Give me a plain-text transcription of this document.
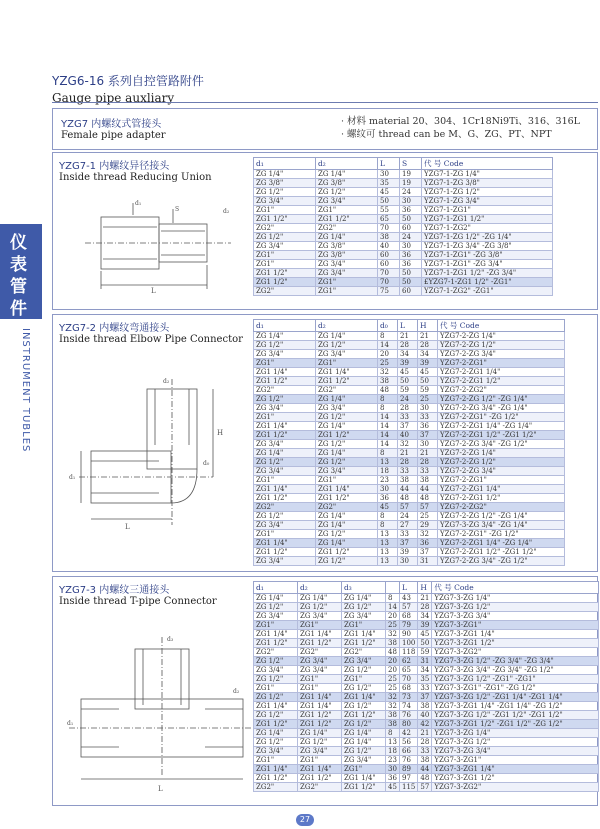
YZG6-16 系列自控管路附件
Gauge pipe auxliary
仪
表
管
件
INSTRUMENT TUBLES
YZG7 内螺纹式管接头
Female pipe adapter
· 材料 material 20、304、1Cr18Ni9Ti、316、316L
· 螺纹可 thread can be M、G、ZG、PT、NPT
YZG7-1 内螺纹异径接头
Inside thread Reducing Union
L
d₁
S	d₂
d₁	d₂	L	S	代 号 Code
ZG 1/4"	ZG 1/4"	30	19	YZG7-1-ZG 1/4"
ZG 3/8"	ZG 3/8"	35	19	YZG7-1-ZG 3/8"
ZG 1/2"	ZG 1/2"	45	24	YZG7-1-ZG 1/2"
ZG 3/4"	ZG 3/4"	50	30	YZG7-1-ZG 3/4"
ZG1"	ZG1"	55	36	YZG7-1-ZG1"
ZG1 1/2"	ZG1 1/2"	65	50	YZG7-1-ZG1 1/2"
ZG2"	ZG2"	70	60	YZG7-1-ZG2"
ZG 1/2"	ZG 1/4"	38	24	YZG7-1-ZG 1/2" -ZG 1/4"
ZG 3/4"	ZG 3/8"	40	30	YZG7-1-ZG 3/4" -ZG 3/8"
ZG1"	ZG 3/8"	60	36	YZG7-1-ZG1" -ZG 3/8"
ZG1"	ZG 3/4"	60	36	YZG7-1-ZG1" -ZG 3/4"
ZG1 1/2"	ZG 3/4"	70	50	YZG7-1-ZG1 1/2" -ZG 3/4"
ZG1 1/2"	ZG1"	70	50	£YZG7-1-ZG1 1/2" -ZG1"
ZG2"	ZG1"	75	60	YZG7-1-ZG2" -ZG1"
YZG7-2 内螺纹弯通接头
Inside thread Elbow Pipe Connector
L
H
d₁
d₂
d₀
d₁	d₂	d₀	L	H	代 号 Code
ZG 1/4"	ZG 1/4"	8	21	21	YZG7-2-ZG 1/4"
ZG 1/2"	ZG 1/2"	14	28	28	YZG7-2-ZG 1/2"
ZG 3/4"	ZG 3/4"	20	34	34	YZG7-2-ZG 3/4"
ZG1"	ZG1"	25	39	39	YZG7-2-ZG1"
ZG1 1/4"	ZG1 1/4"	32	45	45	YZG7-2-ZG1 1/4"
ZG1 1/2"	ZG1 1/2"	38	50	50	YZG7-2-ZG1 1/2"
ZG2"	ZG2"	48	59	59	YZG7-2-ZG2"
ZG 1/2"	ZG 1/4"	8	24	25	YZG7-2-ZG 1/2" -ZG 1/4"
ZG 3/4"	ZG 3/4"	8	28	30	YZG7-2-ZG 3/4" -ZG 1/4"
ZG1"	ZG 1/2"	14	33	33	YZG7-2-ZG1" -ZG 1/2"
ZG1 1/4"	ZG 1/4"	14	37	36	YZG7-2-ZG1 1/4" -ZG 1/4"
ZG1 1/2"	ZG1 1/2"	14	40	37	YZG7-2-ZG1 1/2" -ZG1 1/2"
ZG 3/4"	ZG 1/2"	14	32	30	YZG7-2-ZG 3/4" -ZG 1/2"
ZG 1/4"	ZG 1/4"	8	21	21	YZG7-2-ZG 1/4"
ZG 1/2"	ZG 1/2"	13	28	28	YZG7-2-ZG 1/2"
ZG 3/4"	ZG 3/4"	18	33	33	YZG7-2-ZG 3/4"
ZG1"	ZG1"	23	38	38	YZG7-2-ZG1"
ZG1 1/4"	ZG1 1/4"	30	44	44	YZG7-2-ZG1 1/4"
ZG1 1/2"	ZG1 1/2"	36	48	48	YZG7-2-ZG1 1/2"
ZG2"	ZG2"	45	57	57	YZG7-2-ZG2"
ZG 1/2"	ZG 1/4"	8	24	25	YZG7-2-ZG 1/2" -ZG 1/4"
ZG 3/4"	ZG 1/4"	8	27	29	YZG7-3-ZG 3/4" -ZG 1/4"
ZG1"	ZG 1/2"	13	33	32	YZG7-2-ZG1" -ZG 1/2"
ZG1 1/4"	ZG 1/4"	13	37	36	YZG7-2-ZG1 1/4" -ZG 1/4"
ZG1 1/2"	ZG1 1/2"	13	39	37	YZG7-2-ZG1 1/2" -ZG1 1/2"
ZG 3/4"	ZG 1/2"	13	30	31	YZG7-2-ZG 3/4" -ZG 1/2"
YZG7-3 内螺纹三通接头
Inside thread T-pipe Connector
L
d₁
d₃
d₂
d₁	d₂	d₃		L	H	代 号 Code
ZG 1/4"	ZG 1/4"	ZG 1/4"	8	43	21	YZG7-3-ZG 1/4"
ZG 1/2"	ZG 1/2"	ZG 1/2"	14	57	28	YZG7-3-ZG 1/2"
ZG 3/4"	ZG 3/4"	ZG 3/4"	20	68	34	YZG7-3-ZG 3/4"
ZG1"	ZG1"	ZG1"	25	79	39	YZG7-3-ZG1"
ZG1 1/4"	ZG1 1/4"	ZG1 1/4"	32	90	45	YZG7-3-ZG1 1/4"
ZG1 1/2"	ZG1 1/2"	ZG1 1/2"	38	100	50	YZG7-3-ZG1 1/2"
ZG2"	ZG2"	ZG2"	48	118	59	YZG7-3-ZG2"
ZG 1/2"	ZG 3/4"	ZG 3/4"	20	62	31	YZG7-3-ZG 1/2" -ZG 3/4" -ZG 3/4"
ZG 3/4"	ZG 3/4"	ZG 1/2"	20	65	34	YZG7-3-ZG 3/4" -ZG 3/4" -ZG 1/2"
ZG 1/2"	ZG1"	ZG1"	25	70	35	YZG7-3-ZG 1/2" -ZG1" -ZG1"
ZG1"	ZG1"	ZG 1/2"	25	68	33	YZG7-3-ZG1" -ZG1" -ZG 1/2"
ZG 1/2"	ZG1 1/4"	ZG1 1/4"	32	73	37	YZG7-3-ZG 1/2" -ZG1 1/4" -ZG1 1/4"
ZG1 1/4"	ZG1 1/4"	ZG 1/2"	32	74	38	YZG7-3-ZG1 1/4" -ZG1 1/4" -ZG 1/2"
ZG 1/2"	ZG1 1/2"	ZG1 1/2"	38	76	40	YZG7-3-ZG 1/2" -ZG1 1/2" -ZG1 1/2"
ZG1 1/2"	ZG1 1/2"	ZG 1/2"	38	80	42	YZG7-3-ZG1 1/2" -ZG1 1/2" -ZG 1/2"
ZG 1/4"	ZG 1/4"	ZG 1/4"	8	42	21	YZG7-3-ZG 1/4"
ZG 1/2"	ZG 1/2"	ZG 1/4"	13	56	28	YZG7-3-ZG 1/2"
ZG 3/4"	ZG 3/4"	ZG 1/2"	18	66	33	YZG7-3-ZG 3/4"
ZG1"	ZG1"	ZG 3/4"	23	76	38	YZG7-3-ZG1"
ZG1 1/4"	ZG1 1/4"	ZG1"	30	89	44	YZG7-3-ZG1 1/4"
ZG1 1/2"	ZG1 1/2"	ZG1 1/4"	36	97	48	YZG7-3-ZG1 1/2"
ZG2"	ZG2"	ZG1 1/2"	45	115	57	YZG7-3-ZG2"
27
